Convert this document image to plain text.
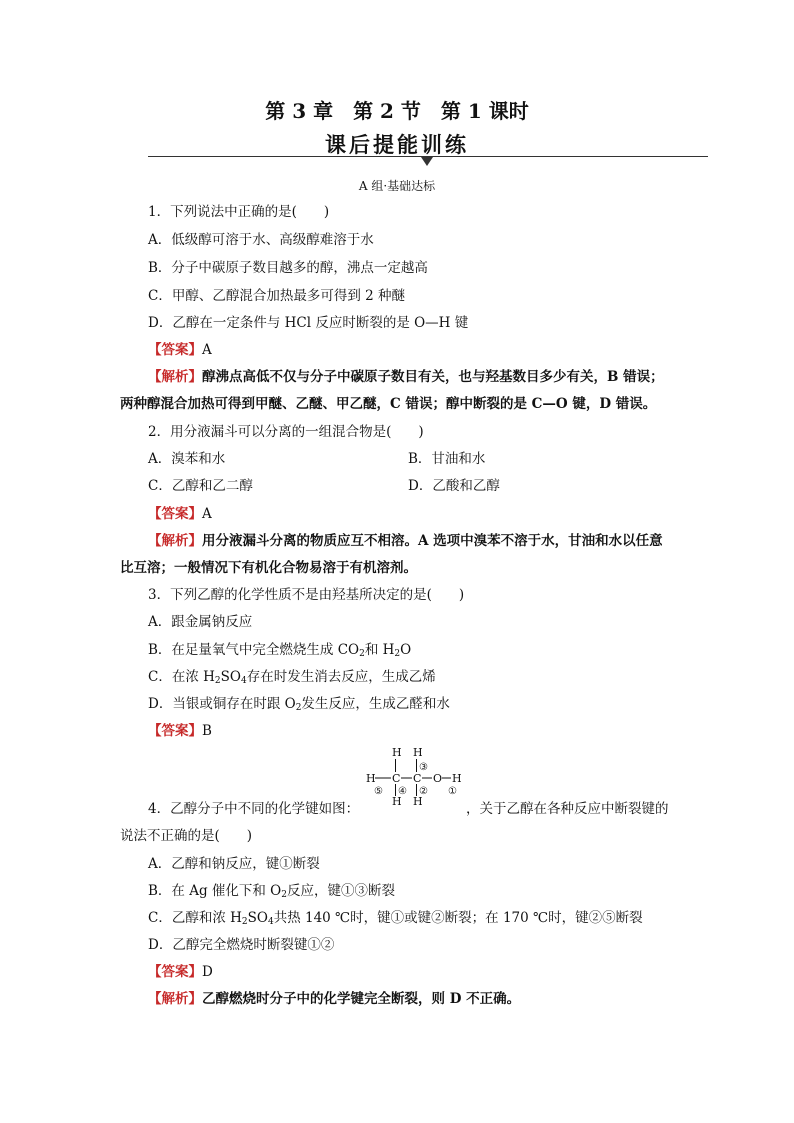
第 3 章　第 2 节　第 1 课时
课后提能训练
A 组·基础达标
1．下列说法中正确的是(　　)
A．低级醇可溶于水、高级醇难溶于水
B．分子中碳原子数目越多的醇，沸点一定越高
C．甲醇、乙醇混合加热最多可得到 2 种醚
D．乙醇在一定条件与 HCl 反应时断裂的是 O—H 键
【答案】A
【解析】醇沸点高低不仅与分子中碳原子数目有关，也与羟基数目多少有关，B 错误；
两种醇混合加热可得到甲醚、乙醚、甲乙醚，C 错误；醇中断裂的是 C—O 键，D 错误。
2．用分液漏斗可以分离的一组混合物是(　　)
A．溴苯和水	B．甘油和水
C．乙醇和乙二醇	D．乙酸和乙醇
【答案】A
【解析】用分液漏斗分离的物质应互不相溶。A 选项中溴苯不溶于水，甘油和水以任意
比互溶；一般情况下有机化合物易溶于有机溶剂。
3．下列乙醇的化学性质不是由羟基所决定的是(　　)
A．跟金属钠反应
B．在足量氧气中完全燃烧生成 $CO_2$和 $H_2O$
C．在浓 $H_2SO_4$存在时发生消去反应，生成乙烯
D．当银或铜存在时跟 $O_2$发生反应，生成乙醛和水
【答案】B
H H
③
H C C O H
⑤ ④ ② ①
H H
4．乙醇分子中不同的化学键如图：	，关于乙醇在各种反应中断裂键的
说法不正确的是(　　)
A．乙醇和钠反应，键①断裂
B．在 Ag 催化下和 $O_2$反应，键①③断裂
C．乙醇和浓 $H_2SO_4$共热 140 ℃时，键①或键②断裂；在 170 ℃时，键②⑤断裂
D．乙醇完全燃烧时断裂键①②
【答案】D
【解析】乙醇燃烧时分子中的化学键完全断裂，则 D 不正确。
